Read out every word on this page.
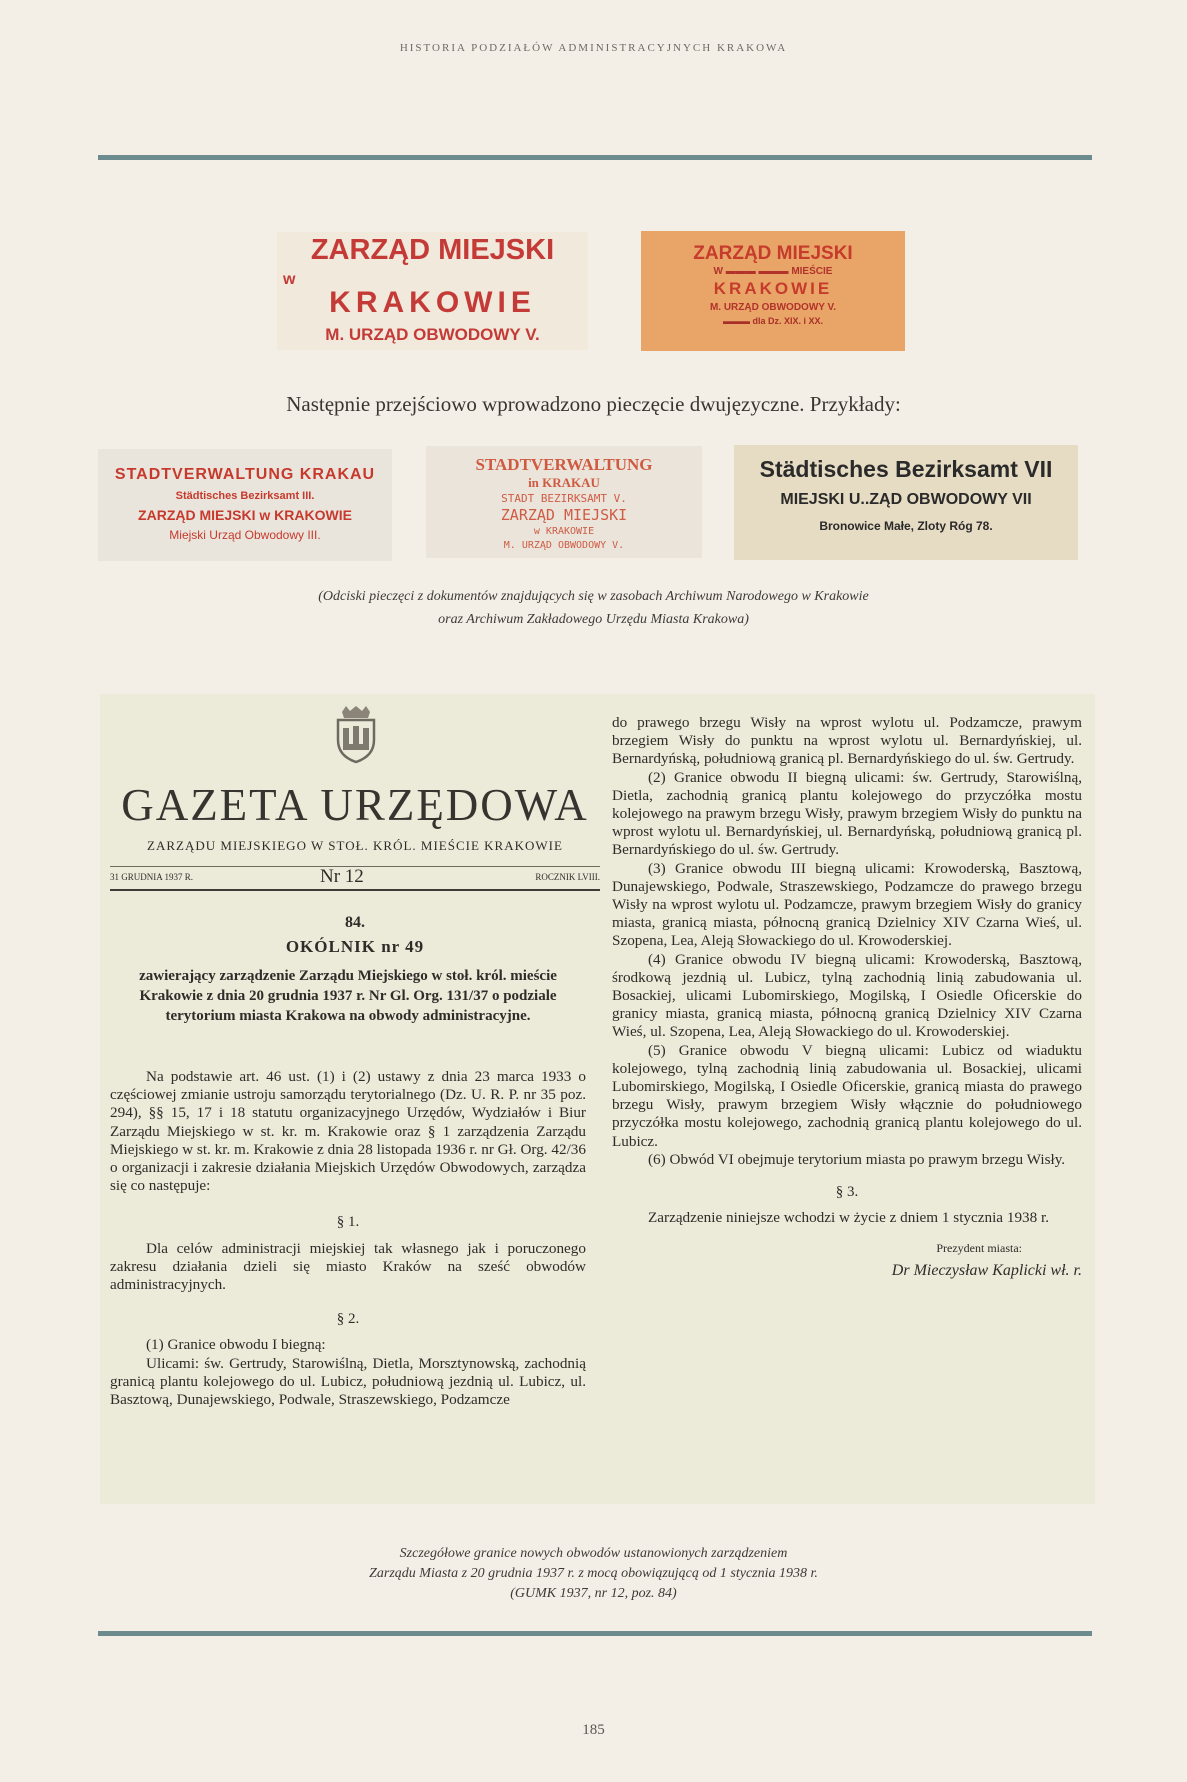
HISTORIA PODZIAŁÓW ADMINISTRACYJNYCH KRAKOWA
ZARZĄD MIEJSKI
w
KRAKOWIE
M. URZĄD OBWODOWY V.
ZARZĄD MIEJSKI
W ▬▬▬ ▬▬▬ MIEŚCIE
KRAKOWIE
M. URZĄD OBWODOWY V.
▬▬▬ dla Dz. XIX. i XX.
Następnie przejściowo wprowadzono pieczęcie dwujęzyczne. Przykłady:
STADTVERWALTUNG KRAKAU
Städtisches Bezirksamt III.
ZARZĄD MIEJSKI w KRAKOWIE
Miejski Urząd Obwodowy III.
STADTVERWALTUNG
in KRAKAU
STADT BEZIRKSAMT V.
ZARZĄD MIEJSKI
w KRAKOWIE
M. URZĄD OBWODOWY V.
Städtisches Bezirksamt VII
MIEJSKI U..ZĄD OBWODOWY VII
Bronowice Małe, Zloty Róg 78.
(Odciski pieczęci z dokumentów znajdujących się w zasobach Archiwum Narodowego w Krakowie
oraz Archiwum Zakładowego Urzędu Miasta Krakowa)
GAZETA URZĘDOWA
ZARZĄDU MIEJSKIEGO W STOŁ. KRÓL. MIEŚCIE KRAKOWIE
31 GRUDNIA 1937 R.	Nr 12	ROCZNIK LVIII.
84.
OKÓLNIK nr 49
zawierający zarządzenie Zarządu Miejskiego w stoł. król. mieście Krakowie z dnia 20 grudnia 1937 r. Nr Gl. Org. 131/37 o podziale terytorium miasta Krakowa na obwody administracyjne.

Na podstawie art. 46 ust. (1) i (2) ustawy z dnia 23 marca 1933 o częściowej zmianie ustroju samorządu terytorialnego (Dz. U. R. P. nr 35 poz. 294), §§ 15, 17 i 18 statutu organizacyjnego Urzędów, Wydziałów i Biur Zarządu Miejskiego w st. kr. m. Krakowie oraz § 1 zarządzenia Zarządu Miejskiego w st. kr. m. Krakowie z dnia 28 listopada 1936 r. nr Gł. Org. 42/36 o organizacji i zakresie działania Miejskich Urzędów Obwodowych, zarządza się co następuje:

§ 1.

Dla celów administracji miejskiej tak własnego jak i poruczonego zakresu działania dzieli się miasto Kraków na sześć obwodów administracyjnych.

§ 2.

(1) Granice obwodu I biegną:

Ulicami: św. Gertrudy, Starowiślną, Dietla, Morsztynowską, zachodnią granicą plantu kolejowego do ul. Lubicz, południową jezdnią ul. Lubicz, ul. Basztową, Dunajewskiego, Podwale, Straszewskiego, Podzamcze

do prawego brzegu Wisły na wprost wylotu ul. Podzamcze, prawym brzegiem Wisły do punktu na wprost wylotu ul. Bernardyńskiej, ul. Bernardyńską, południową granicą pl. Bernardyńskiego do ul. św. Gertrudy.

(2) Granice obwodu II biegną ulicami: św. Gertrudy, Starowiślną, Dietla, zachodnią granicą plantu kolejowego do przyczółka mostu kolejowego na prawym brzegu Wisły, prawym brzegiem Wisły do punktu na wprost wylotu ul. Bernardyńskiej, ul. Bernardyńską, południową granicą pl. Bernardyńskiego do ul. św. Gertrudy.

(3) Granice obwodu III biegną ulicami: Krowoderską, Basztową, Dunajewskiego, Podwale, Straszewskiego, Podzamcze do prawego brzegu Wisły na wprost wylotu ul. Podzamcze, prawym brzegiem Wisły do granicy miasta, granicą miasta, północną granicą Dzielnicy XIV Czarna Wieś, ul. Szopena, Lea, Aleją Słowackiego do ul. Krowoderskiej.

(4) Granice obwodu IV biegną ulicami: Krowoderską, Basztową, środkową jezdnią ul. Lubicz, tylną zachodnią linią zabudowania ul. Bosackiej, ulicami Lubomirskiego, Mogilską, I Osiedle Oficerskie do granicy miasta, granicą miasta, północną granicą Dzielnicy XIV Czarna Wieś, ul. Szopena, Lea, Aleją Słowackiego do ul. Krowoderskiej.

(5) Granice obwodu V biegną ulicami: Lubicz od wiaduktu kolejowego, tylną zachodnią linią zabudowania ul. Bosackiej, ulicami Lubomirskiego, Mogilską, I Osiedle Oficerskie, granicą miasta do prawego brzegu Wisły, prawym brzegiem Wisły włącznie do południowego przyczółka mostu kolejowego, zachodnią granicą plantu kolejowego do ul. Lubicz.

(6) Obwód VI obejmuje terytorium miasta po prawym brzegu Wisły.

§ 3.

Zarządzenie niniejsze wchodzi w życie z dniem 1 stycznia 1938 r.

Prezydent miasta:
Dr Mieczysław Kaplicki wł. r.
Szczegółowe granice nowych obwodów ustanowionych zarządzeniem
Zarządu Miasta z 20 grudnia 1937 r. z mocą obowiązującą od 1 stycznia 1938 r.
(GUMK 1937, nr 12, poz. 84)
185
